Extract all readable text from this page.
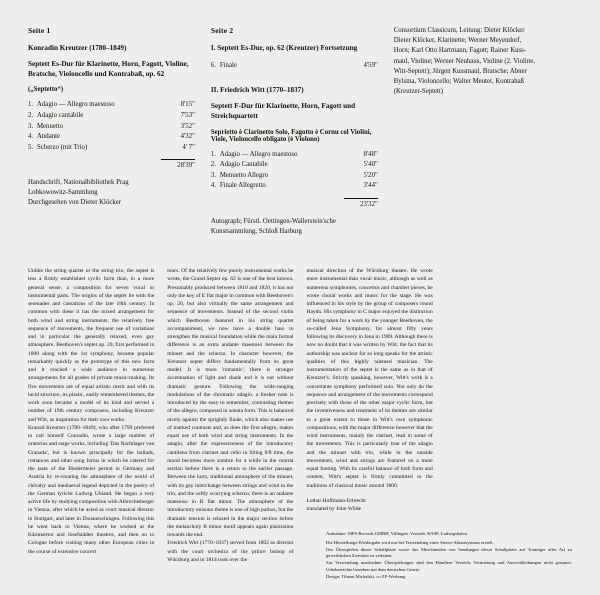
Seite 1
Konradin Kreutzer (1780–1849)
Septett Es-Dur für Klarinette, Horn, Fagott, Violine, Bratsche, Violoncello und Kontrabaß, op. 62
(„Septetto“)
1. Adagio — Allegro maestoso	8'15"
2. Adagio cantabile	7'53"
3. Menuetto	3'52"
4. Andante	4'32"
5. Scherzo (mit Trio)	4' 7"
28'39"

Handschrift, Nationalbibliothek Prag

Lobkowowitz-Sammlung

Durchgesehen von Dieter Klöcker

Seite 2
I. Septett Es-Dur, op. 62 (Kreutzer) Fortsetzung
6. Finale	4'59"
II. Friedrich Witt (1770–1837)
Septett F-Dur für Klarinette, Horn, Fagott und Streichquartett
Seprietto è Clarinetto Solo, Fagotto è Cornu col Violini, Viole, Violoncello obligato (è Violono)
1. Adagio — Allegro maestoso	8'48"
2. Adagio Cantabile	5'40"
3. Menuetto Allegro	5'20"
4. Finale Allegretto	3'44"
23'32"

Autograph; Fürstl. Oettingen-Wallerstein'sche

Kunstsammlung, Schloß Harburg

Consortium Classicum, Leitung: Dieter Klöcker

Dieter Klöcker, Klarinette; Werner Meyendorf,

Horn; Karl Otto Hartmann, Fagott; Rainer Kuss-

maul, Violine; Werner Neuhaus, Violine (2. Violine,

Witt-Septett); Jürgen Kussmaul, Bratsche; Abner

Bylsma, Violoncello; Walter Meuter, Kontrabaß

(Kreutzer-Septett)

Unlike the string quartet or the string trio, the septet is less a firmly established cyclic form than, in a more general sense, a composition for seven vocal or instrumental parts. The origins of the septet lie with the serenades and cassations of the late 18th century. In common with these it has the mixed arrangement for both wind and string instruments, the relatively free sequence of movements, the frequent use of variations and in particular the generally relaxed, even gay atmosphere. Beethoven's septet op. 20, first performed in 1800 along with the 1st symphony, became popular remarkably quickly as the prototype of this new form and it reached a wide audience in numerous arrangements for all grades of private music-making. Its five movements are of equal artistic merit and with its lucid structure, its plastic, easily remembered themes, the work soon became a model of its kind and served a number of 19th century composers, including Kreutzer and Witt, as inspiration for their own works.

Konrad Kreutzer (1780–1849), who after 1799 preferred to call himself Conradin, wrote a large number of oratorios and stage works, including 'Das Nachtlager von Granada', but is known principally for the ballads, romances and other song forms in which he catered for the taste of the Biedermeier period in Germany and Austria by re-creating the atmosphere of the world of chivalry and mediaeval legend depicted in the poetry of the German lyricist Ludwig Uhland. He began a very active life by studying composition with Albrechtsberger in Vienna, after which he acted as court musical director in Stuttgart, and later in Donaueschingen. Following this he went back to Vienna, where he worked at the Kärntnertor and Josefstädter theatres, and then on to Cologne before visiting many other European cities in the course of extensive concert

tours. Of the relatively few purely instrumental works he wrote, the Grand Septet op. 62 is one of the best known. Presumably produced between 1810 and 1820, it has not only the key of E flat major in common with Beethoven's op. 20, but also virtually the same arrangement and sequence of movements. Instead of the second violin which Beethoven featured in his string quartet accompaniment, we now have a double bass to strengthen the musical foundation while the main formal difference is an extra andante maestoso between the minuet and the scherzo. In character however, the Kreutzer septet differs fundamentally from its great model. It is more 'romantic', there is stronger accentuation of light and shade and it is not without dramatic gesture. Following the wide-ranging modulations of the chromatic adagio, a fresher note is introduced by the easy to remember, contrasting themes of the allegro, composed in sonata form. This is balanced nicely against the sprightly finale, which also makes use of marked contrasts and, as does the first allegro, makes equal use of both wind and string instruments. In the adagio, after the expressiveness of the introductory cantilena from clarinet and cello in lilting 9/8 time, the mood becomes more sombre for a while in the central section before there is a return to the earlier passage. Between the lusty, traditional atmosphere of the minuet, with its gay interchange between strings and wind in the trio, and the softly scurrying scherzo, there is an andante maestoso in B flat minor. The atmosphere of the introductory unisono theme is one of high pathos, but the dramatic tension is relaxed in the major section before the melancholy B minor motif appears again pianissimo towards the end.

Friedrich Witt (1770–1837) served from 1802 as director with the court orchestra of the prince bishop of Würzburg and in 1814 took over the

musical direction of the Würzburg theatre. He wrote more instrumental than vocal music, although as well as numerous symphonies, concertos and chamber pieces, he wrote choral works and music for the stage. He was influenced in his style by the group of composers round Haydn. His symphony in C major enjoyed the distinction of being taken for a work by the younger Beethoven, the so-called Jena Symphony, for almost fifty years following its discovery in Jena in 1909. Although there is now no doubt that it was written by Witt, the fact that its authorship was unclear for so long speaks for the artistic qualities of this highly talented musician. The instrumentation of the septet is the same as in that of Kreutzer's. Strictly speaking, however, Witt's work is a concertante symphony performed solo. Not only do the sequence and arrangement of the movements correspond precisely with those of the other major cyclic form, but the inventiveness and treatment of its themes are similar to a great extent to those in Witt's own symphonic compositions, with the major difference however that the wind instruments, mainly the clarinet, lead in some of the movements. This is particularly true of the adagio and the minuet with trio, while in the outside movements, wind and strings are featured on a more equal footing. With its careful balance of both form and content, Witt's septet is firmly committed to the traditions of classical music around 1800.

Lothar Hoffmann-Erbrecht

translated by John Wilde

Aufnahme: MPS-Records GMBH, Villingen. Vertrieb: BASF, Ludwigshafen.

Die Herstellungs-Wiedergabe wird nur bei Verwendung eines Stereo-Abtastsystems erzielt.

Das Überspielen dieser Schallplatte sowie das Mitschneiden von Sendungen dieser Schallplatte auf Tonträger aller Art zu gewerblichen Zwecken ist verboten.

Zur Verwendung unerlaubter Überspielungen sind den Händlern Vertrieb, Vermietung und Ausweihleihungen nicht gestattet. Urheberrechte bestehen mit dem deutschen Gesetz.

Design: Tilman Michalski, co ZF-Werbung
